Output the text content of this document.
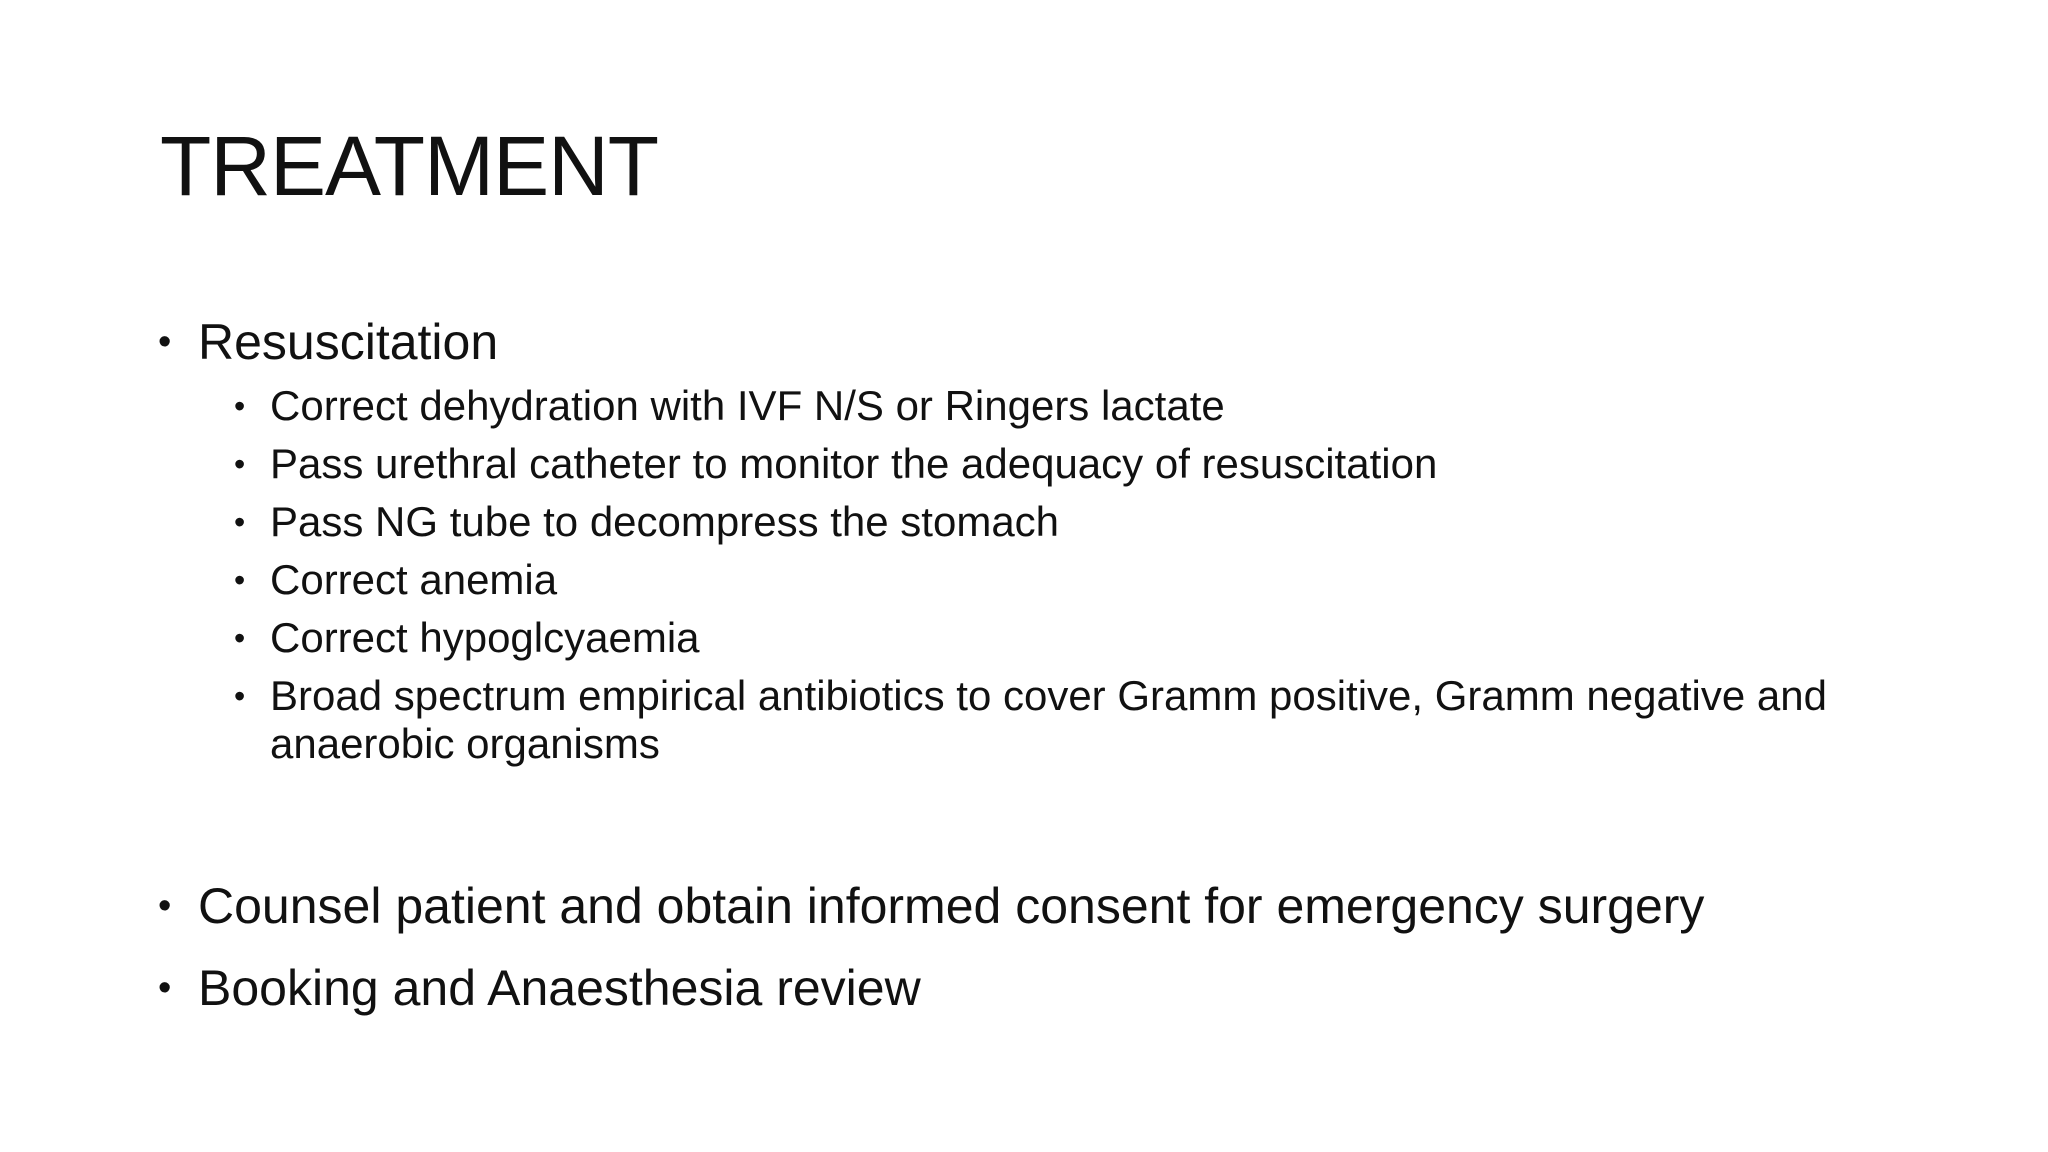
TREATMENT
• Resuscitation
• Correct dehydration with IVF N/S or Ringers lactate
• Pass urethral catheter to monitor the adequacy of resuscitation
• Pass NG tube to decompress the stomach
• Correct anemia
• Correct hypoglcyaemia
• Broad spectrum empirical antibiotics to cover Gramm positive, Gramm negative and anaerobic organisms
• Counsel patient and obtain informed consent for emergency surgery
• Booking and Anaesthesia review
